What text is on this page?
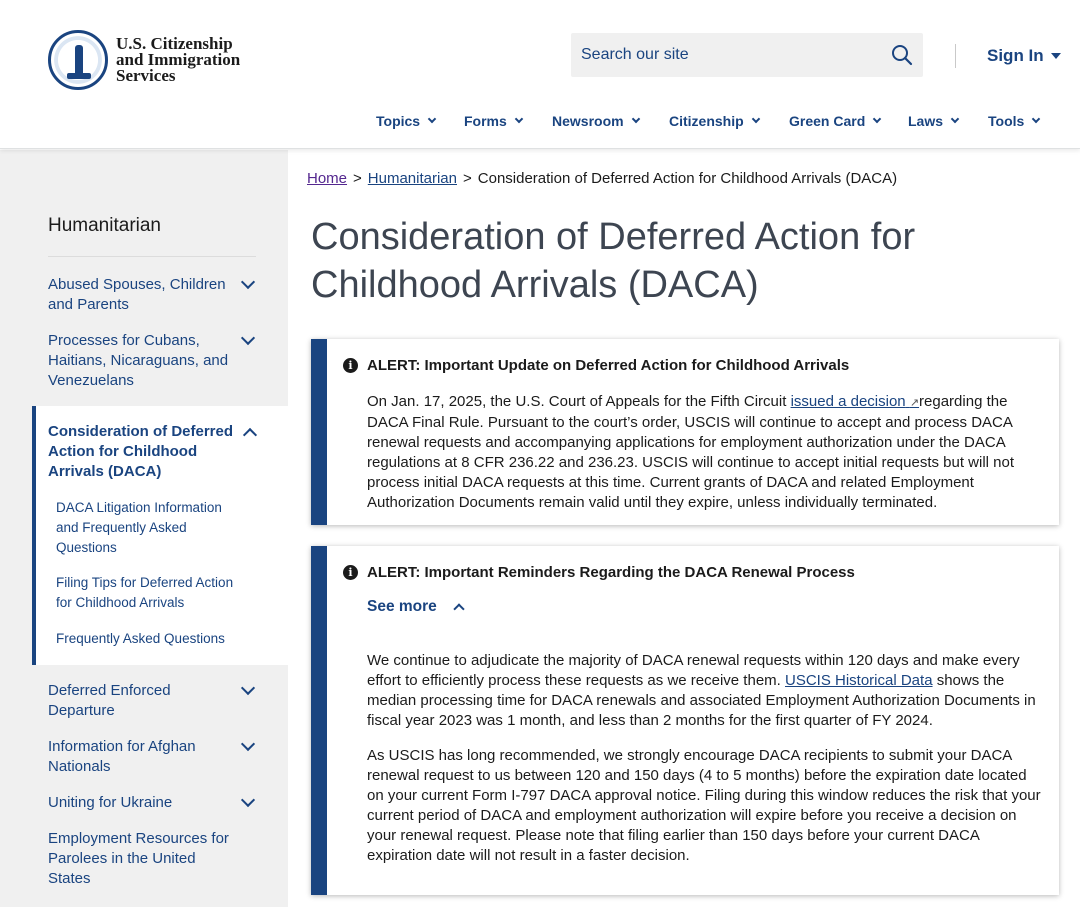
U.S. Citizenship
and Immigration
Services
Search our site
Sign In
Topics	Forms	Newsroom	Citizenship	Green Card	Laws	Tools
Humanitarian
Abused Spouses, Children and Parents
Processes for Cubans, Haitians, Nicaraguans, and Venezuelans
Consideration of Deferred Action for Childhood Arrivals (DACA)
DACA Litigation Information and Frequently Asked Questions
Filing Tips for Deferred Action for Childhood Arrivals
Frequently Asked Questions
Deferred Enforced Departure
Information for Afghan Nationals
Uniting for Ukraine
Employment Resources for Parolees in the United States
Home > Humanitarian > Consideration of Deferred Action for Childhood Arrivals (DACA)
Consideration of Deferred Action for Childhood Arrivals (DACA)
i ALERT: Important Update on Deferred Action for Childhood Arrivals
On Jan. 17, 2025, the U.S. Court of Appeals for the Fifth Circuit issued a decision ↗regarding the DACA Final Rule. Pursuant to the court’s order, USCIS will continue to accept and process DACA renewal requests and accompanying applications for employment authorization under the DACA regulations at 8 CFR 236.22 and 236.23. USCIS will continue to accept initial requests but will not process initial DACA requests at this time. Current grants of DACA and related Employment Authorization Documents remain valid until they expire, unless individually terminated.
i ALERT: Important Reminders Regarding the DACA Renewal Process
See more
We continue to adjudicate the majority of DACA renewal requests within 120 days and make every effort to efficiently process these requests as we receive them. USCIS Historical Data shows the median processing time for DACA renewals and associated Employment Authorization Documents in fiscal year 2023 was 1 month, and less than 2 months for the first quarter of FY 2024.
As USCIS has long recommended, we strongly encourage DACA recipients to submit your DACA renewal request to us between 120 and 150 days (4 to 5 months) before the expiration date located on your current Form I-797 DACA approval notice. Filing during this window reduces the risk that your current period of DACA and employment authorization will expire before you receive a decision on your renewal request. Please note that filing earlier than 150 days before your current DACA expiration date will not result in a faster decision.
